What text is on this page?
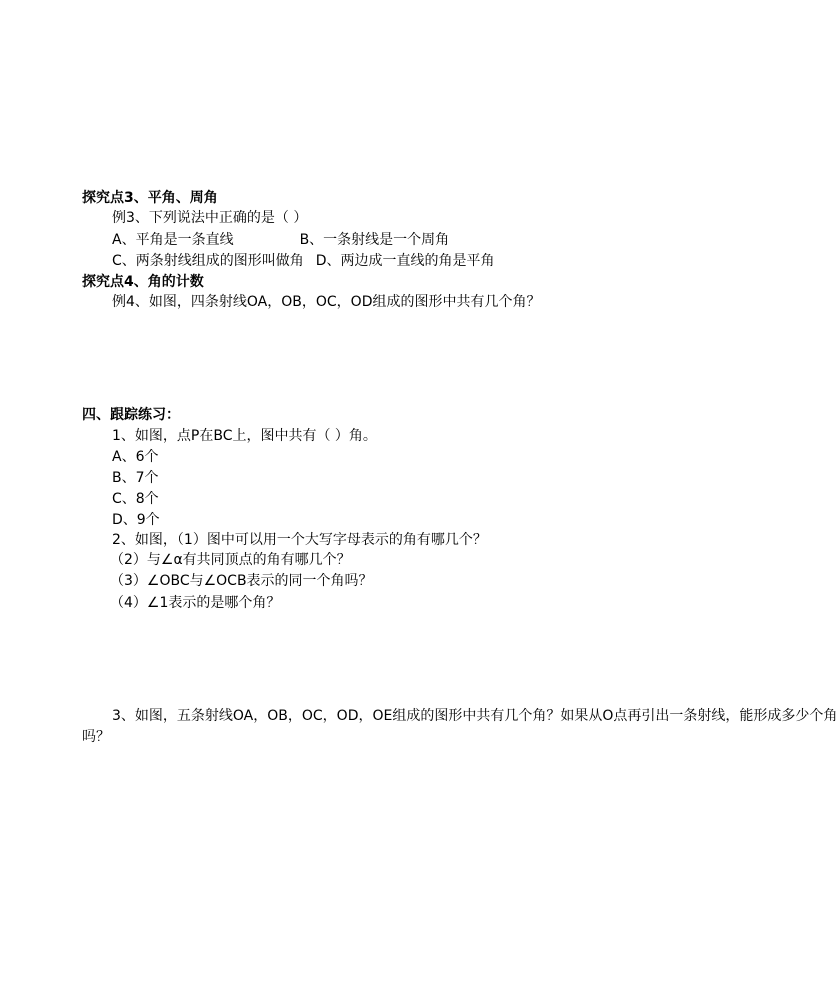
探究点3、平角、周角
例3、下列说法中正确的是（ ）
A、平角是一条直线	B、一条射线是一个周角
C、两条射线组成的图形叫做角 D、两边成一直线的角是平角
探究点4、角的计数
例4、如图，四条射线OA，OB，OC，OD组成的图形中共有几个角？
四、跟踪练习：
1、如图，点P在BC上，图中共有（ ）角。
A、6个
B、7个
C、8个
D、9个
2、如图，（1）图中可以用一个大写字母表示的角有哪几个？
（2）与∠α有共同顶点的角有哪几个？
（3）∠OBC与∠OCB表示的同一个角吗？
（4）∠1表示的是哪个角？
3、如图，五条射线OA，OB，OC，OD，OE组成的图形中共有几个角？如果从O点再引出一条射线，能形成多少个角
吗？
